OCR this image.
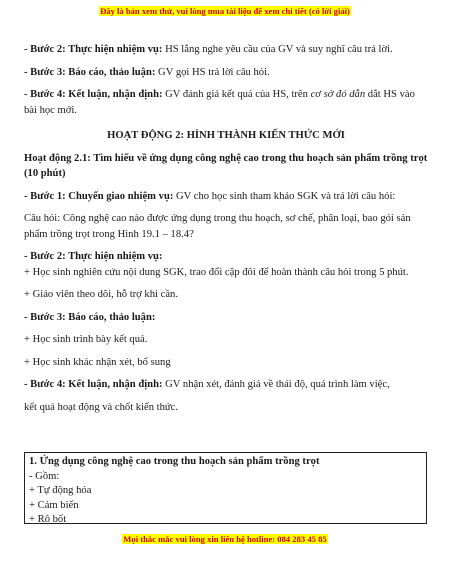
Đây là bản xem thử, vui lòng mua tài liệu để xem chi tiết (có lời giải)

- Bước 2: Thực hiện nhiệm vụ: HS lắng nghe yêu cầu của GV và suy nghĩ câu trả lời.

- Bước 3: Báo cáo, thảo luận: GV gọi HS trả lời câu hỏi.

- Bước 4: Kết luận, nhận định: GV đánh giá kết quả của HS, trên cơ sở đó dẫn dắt HS vào bài học mới.

HOẠT ĐỘNG 2: HÌNH THÀNH KIẾN THỨC MỚI

Hoạt động 2.1: Tìm hiểu về ứng dụng công nghệ cao trong thu hoạch sản phẩm trồng trọt (10 phút)

- Bước 1: Chuyển giao nhiệm vụ: GV cho học sinh tham khảo SGK và trả lời câu hỏi:

Câu hỏi: Công nghệ cao nào được ứng dụng trong thu hoạch, sơ chế, phân loại, bao gói sản phẩm trồng trọt trong Hình 19.1 – 18.4?

- Bước 2: Thực hiện nhiệm vụ:

+ Học sinh nghiên cứu nội dung SGK, trao đổi cặp đôi để hoàn thành câu hỏi trong 5 phút.

+ Giáo viên theo dõi, hỗ trợ khi cần.

- Bước 3: Báo cáo, thảo luận:

+ Học sinh trình bày kết quả.

+ Học sinh khác nhận xét, bổ sung

- Bước 4: Kết luận, nhận định: GV nhận xét, đánh giá về thái độ, quá trình làm việc,

kết quả hoạt động và chốt kiến thức.

1. Ứng dụng công nghệ cao trong thu hoạch sản phẩm trồng trọt

- Gồm:

+ Tự động hóa

+ Cảm biến

+ Rô bốt

Mọi thắc mắc vui lòng xin liên hệ hotline: 084 283 45 85
